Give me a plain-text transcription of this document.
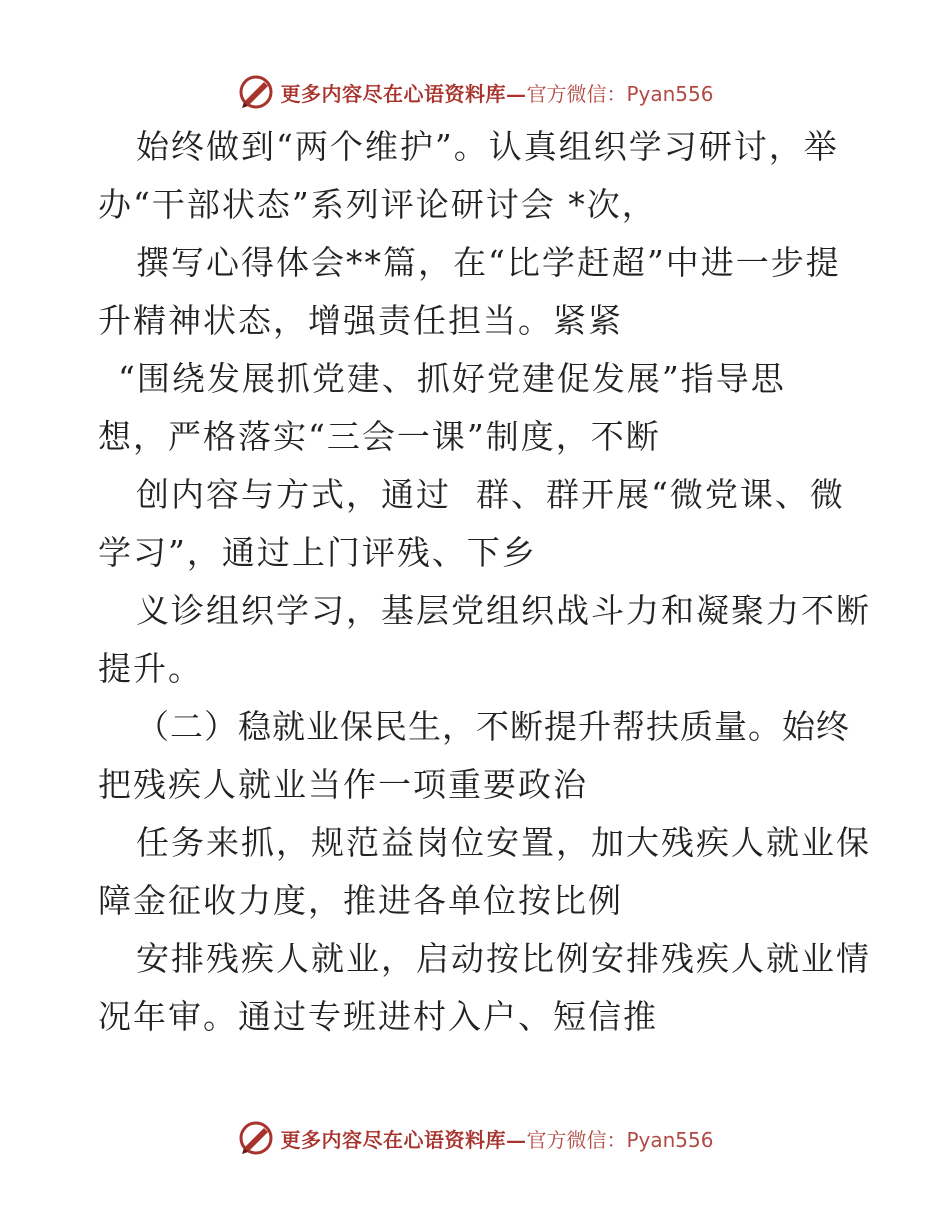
更多内容尽在心语资料库— 官方微信：Pyan556
始终做到“两个维护”。认真组织学习研讨，举
办“干部状态”系列评论研讨会 *次，
撰写心得体会**篇，在“比学赶超”中进一步提
升精神状态，增强责任担当。紧紧
“围绕发展抓党建、抓好党建促发展”指导思
想，严格落实“三会一课”制度，不断
创内容与方式，通过  群、群开展“微党课、微
学习”，通过上门评残、下乡
义诊组织学习，基层党组织战斗力和凝聚力不断
提升。
（二）稳就业保民生，不断提升帮扶质量。始终
把残疾人就业当作一项重要政治
任务来抓，规范益岗位安置，加大残疾人就业保
障金征收力度，推进各单位按比例
安排残疾人就业，启动按比例安排残疾人就业情
况年审。通过专班进村入户、短信推
更多内容尽在心语资料库— 官方微信：Pyan556
